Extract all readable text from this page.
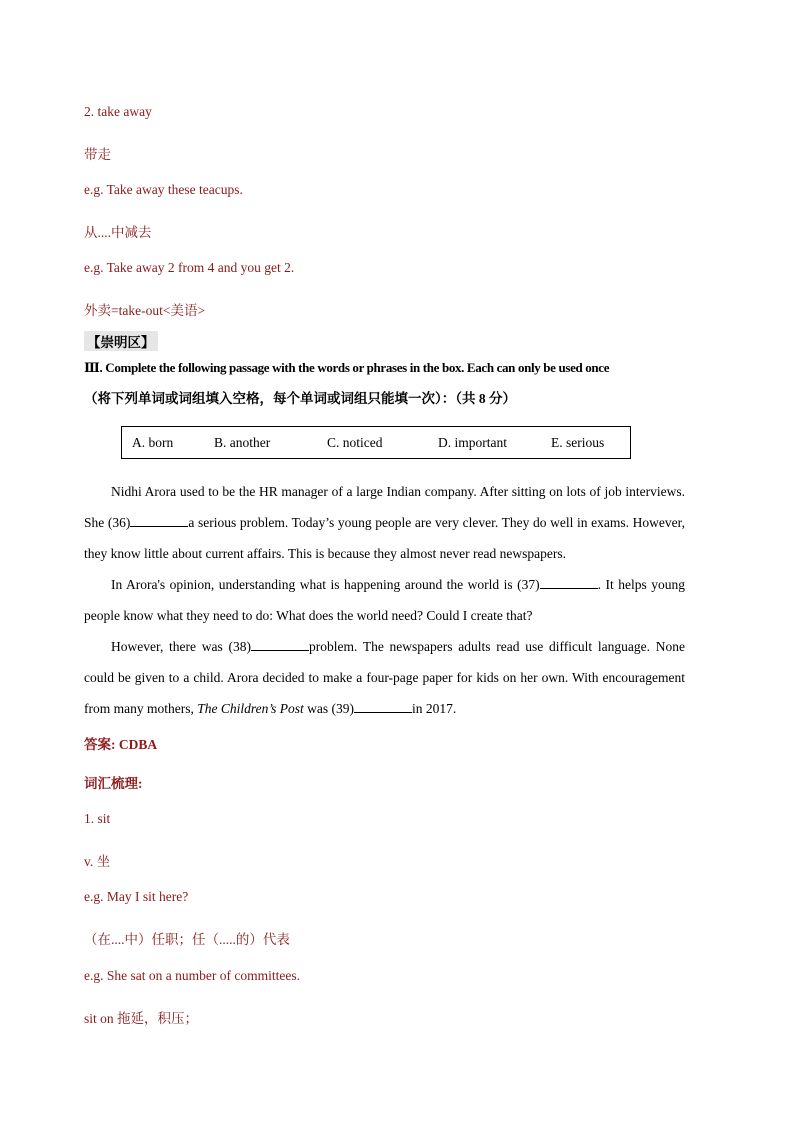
2. take away
带走
e.g. Take away these teacups.
从....中减去
e.g. Take away 2 from 4 and you get 2.
外卖=take-out<美语>
【崇明区】
Ⅲ. Complete the following passage with the words or phrases in the box. Each can only be used once
（将下列单词或词组填入空格，每个单词或词组只能填一次）：（共 8 分）
A. born	B. another	C. noticed	D. important	E. serious
Nidhi Arora used to be the HR manager of a large Indian company. After sitting on lots of job interviews. She (36)	a serious problem. Today’s young people are very clever. They do well in exams. However, they know little about current affairs. This is because they almost never read newspapers.
In Arora's opinion, understanding what is happening around the world is (37)	. It helps young people know what they need to do: What does the world need? Could I create that?
However, there was (38)	problem. The newspapers adults read use difficult language. None could be given to a child. Arora decided to make a four-page paper for kids on her own. With encouragement from many mothers, The Children’s Post was (39)	in 2017.
答案: CDBA
词汇梳理:
1. sit
v. 坐
e.g. May I sit here?
（在....中）任职；任（.....的）代表
e.g. She sat on a number of committees.
sit on 拖延，积压；
